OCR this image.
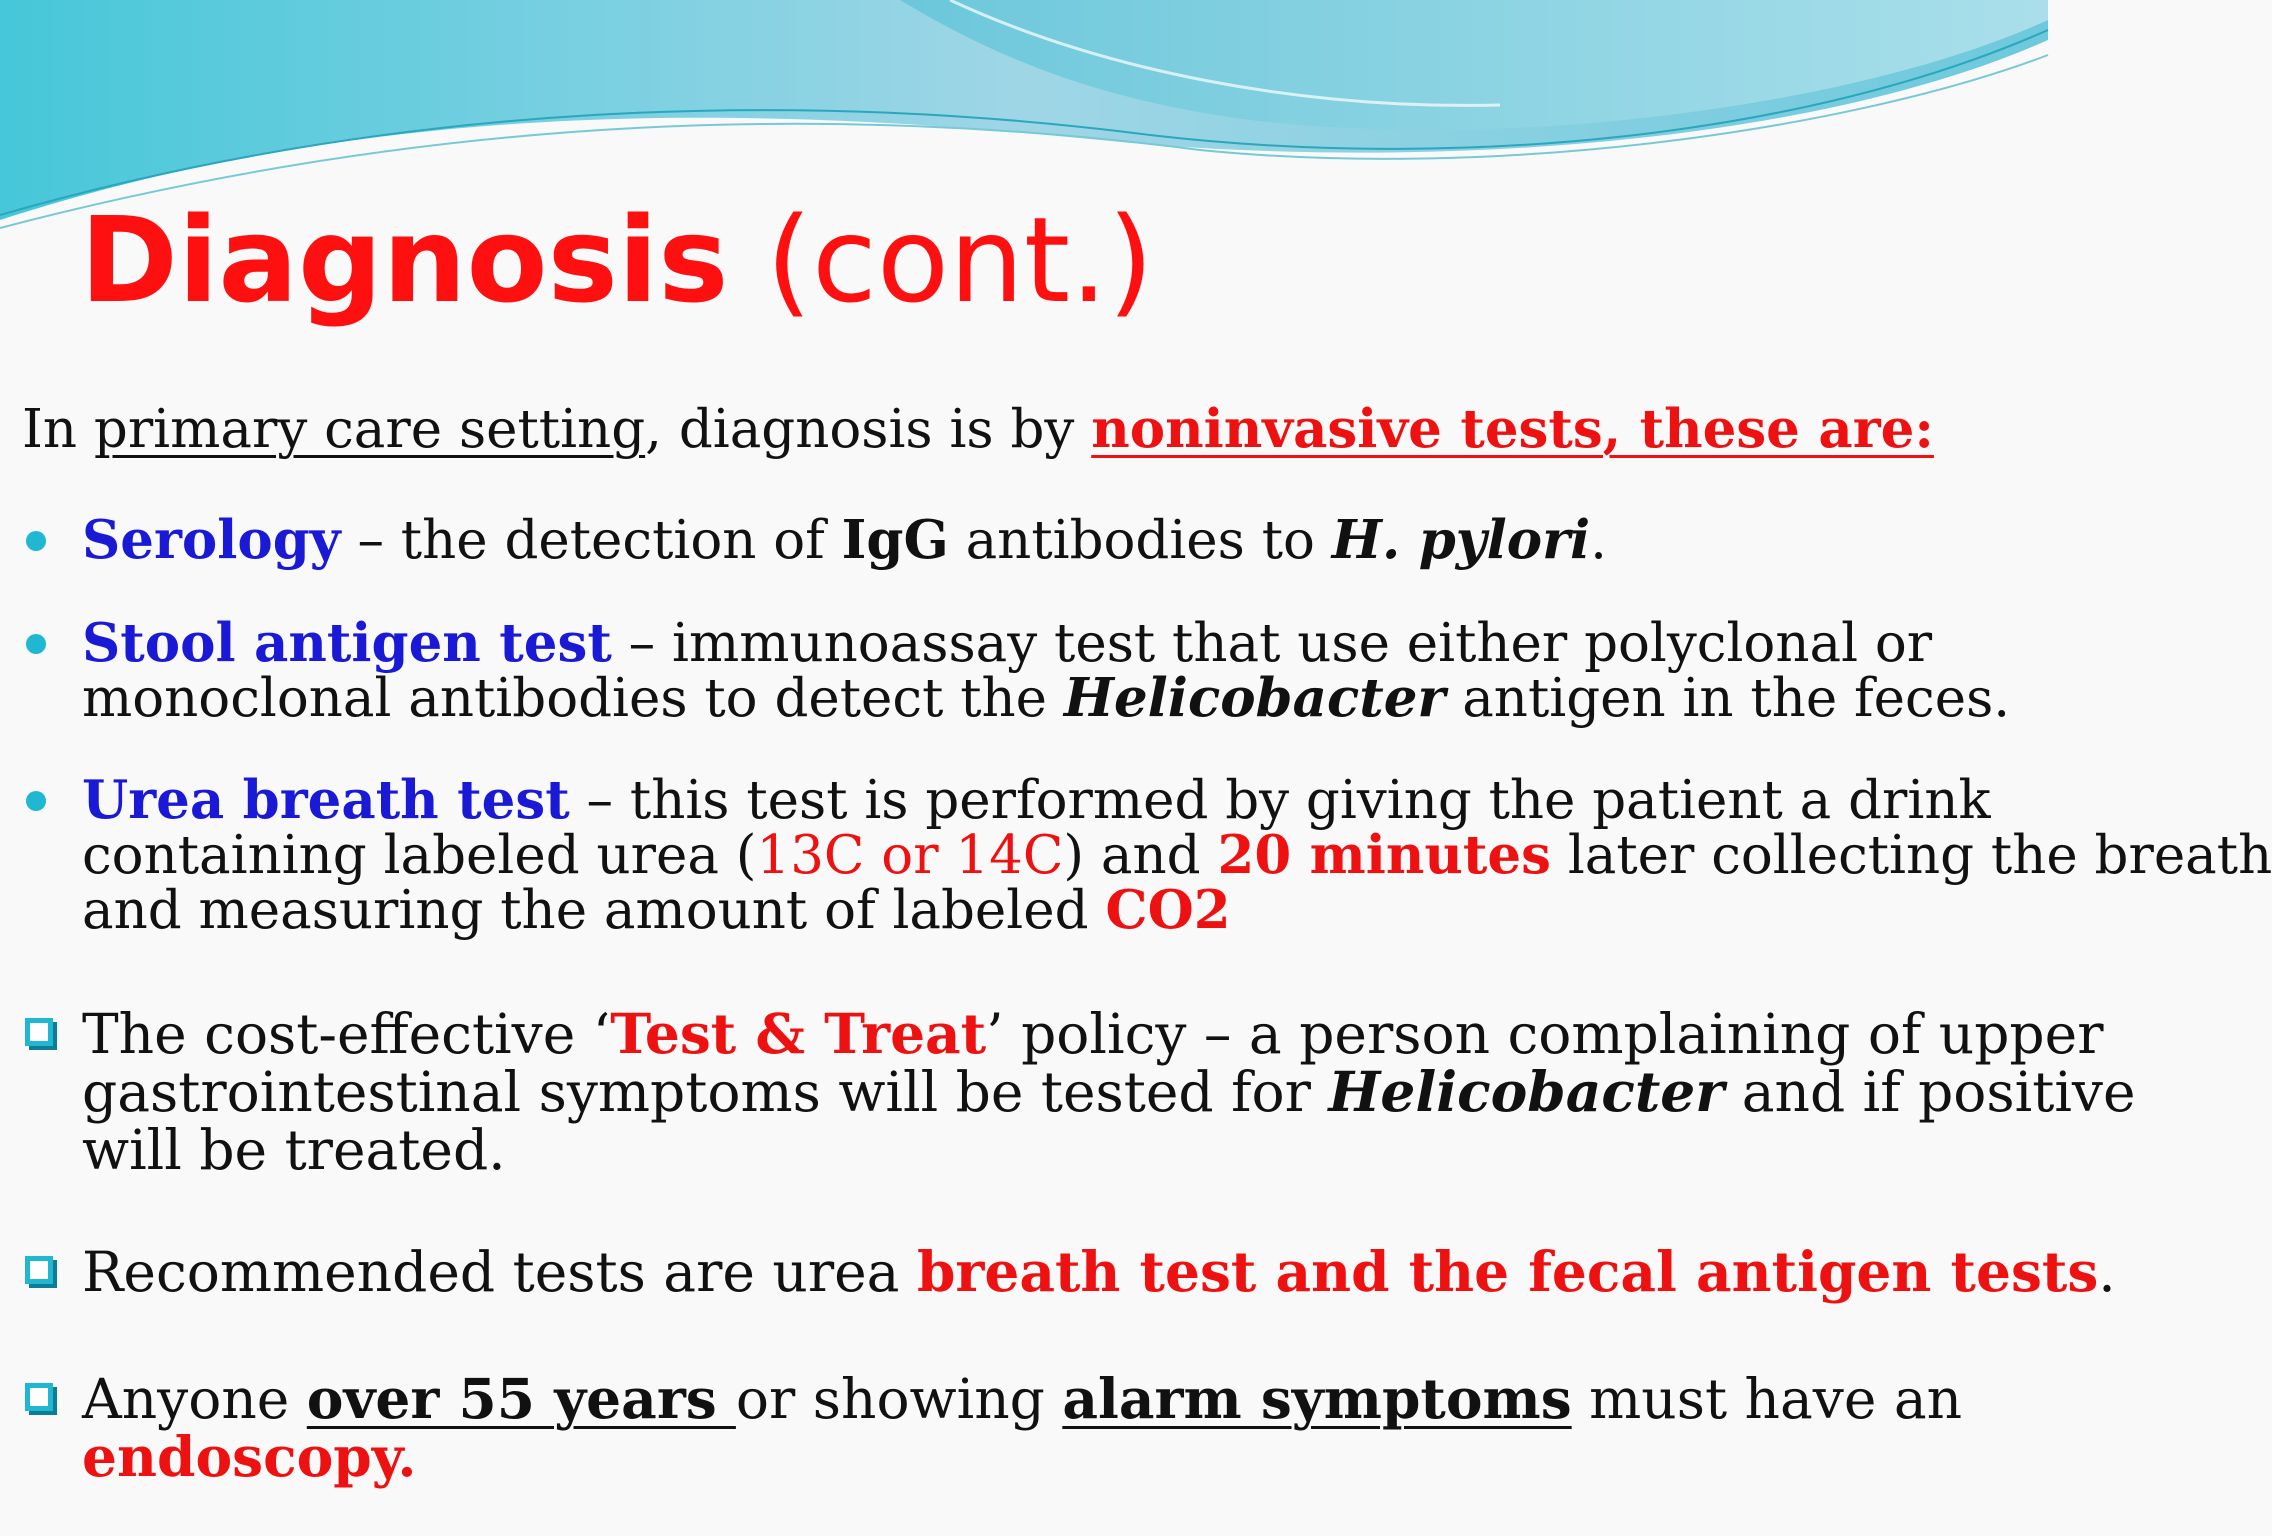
Diagnosis (cont.)
In primary care setting, diagnosis is by noninvasive tests, these are:
Serology – the detection of IgG antibodies to H. pylori.
Stool antigen test – immunoassay test that use either polyclonal or
monoclonal antibodies to detect the Helicobacter antigen in the feces.
Urea breath test – this test is performed by giving the patient a drink
containing labeled urea (13C or 14C) and 20 minutes later collecting the breath
and measuring the amount of labeled CO2
The cost-effective ‘Test & Treat’ policy – a person complaining of upper
gastrointestinal symptoms will be tested for Helicobacter and if positive
will be treated.
Recommended tests are urea breath test and the fecal antigen tests.
Anyone over 55 years or showing alarm symptoms must have an
endoscopy.
